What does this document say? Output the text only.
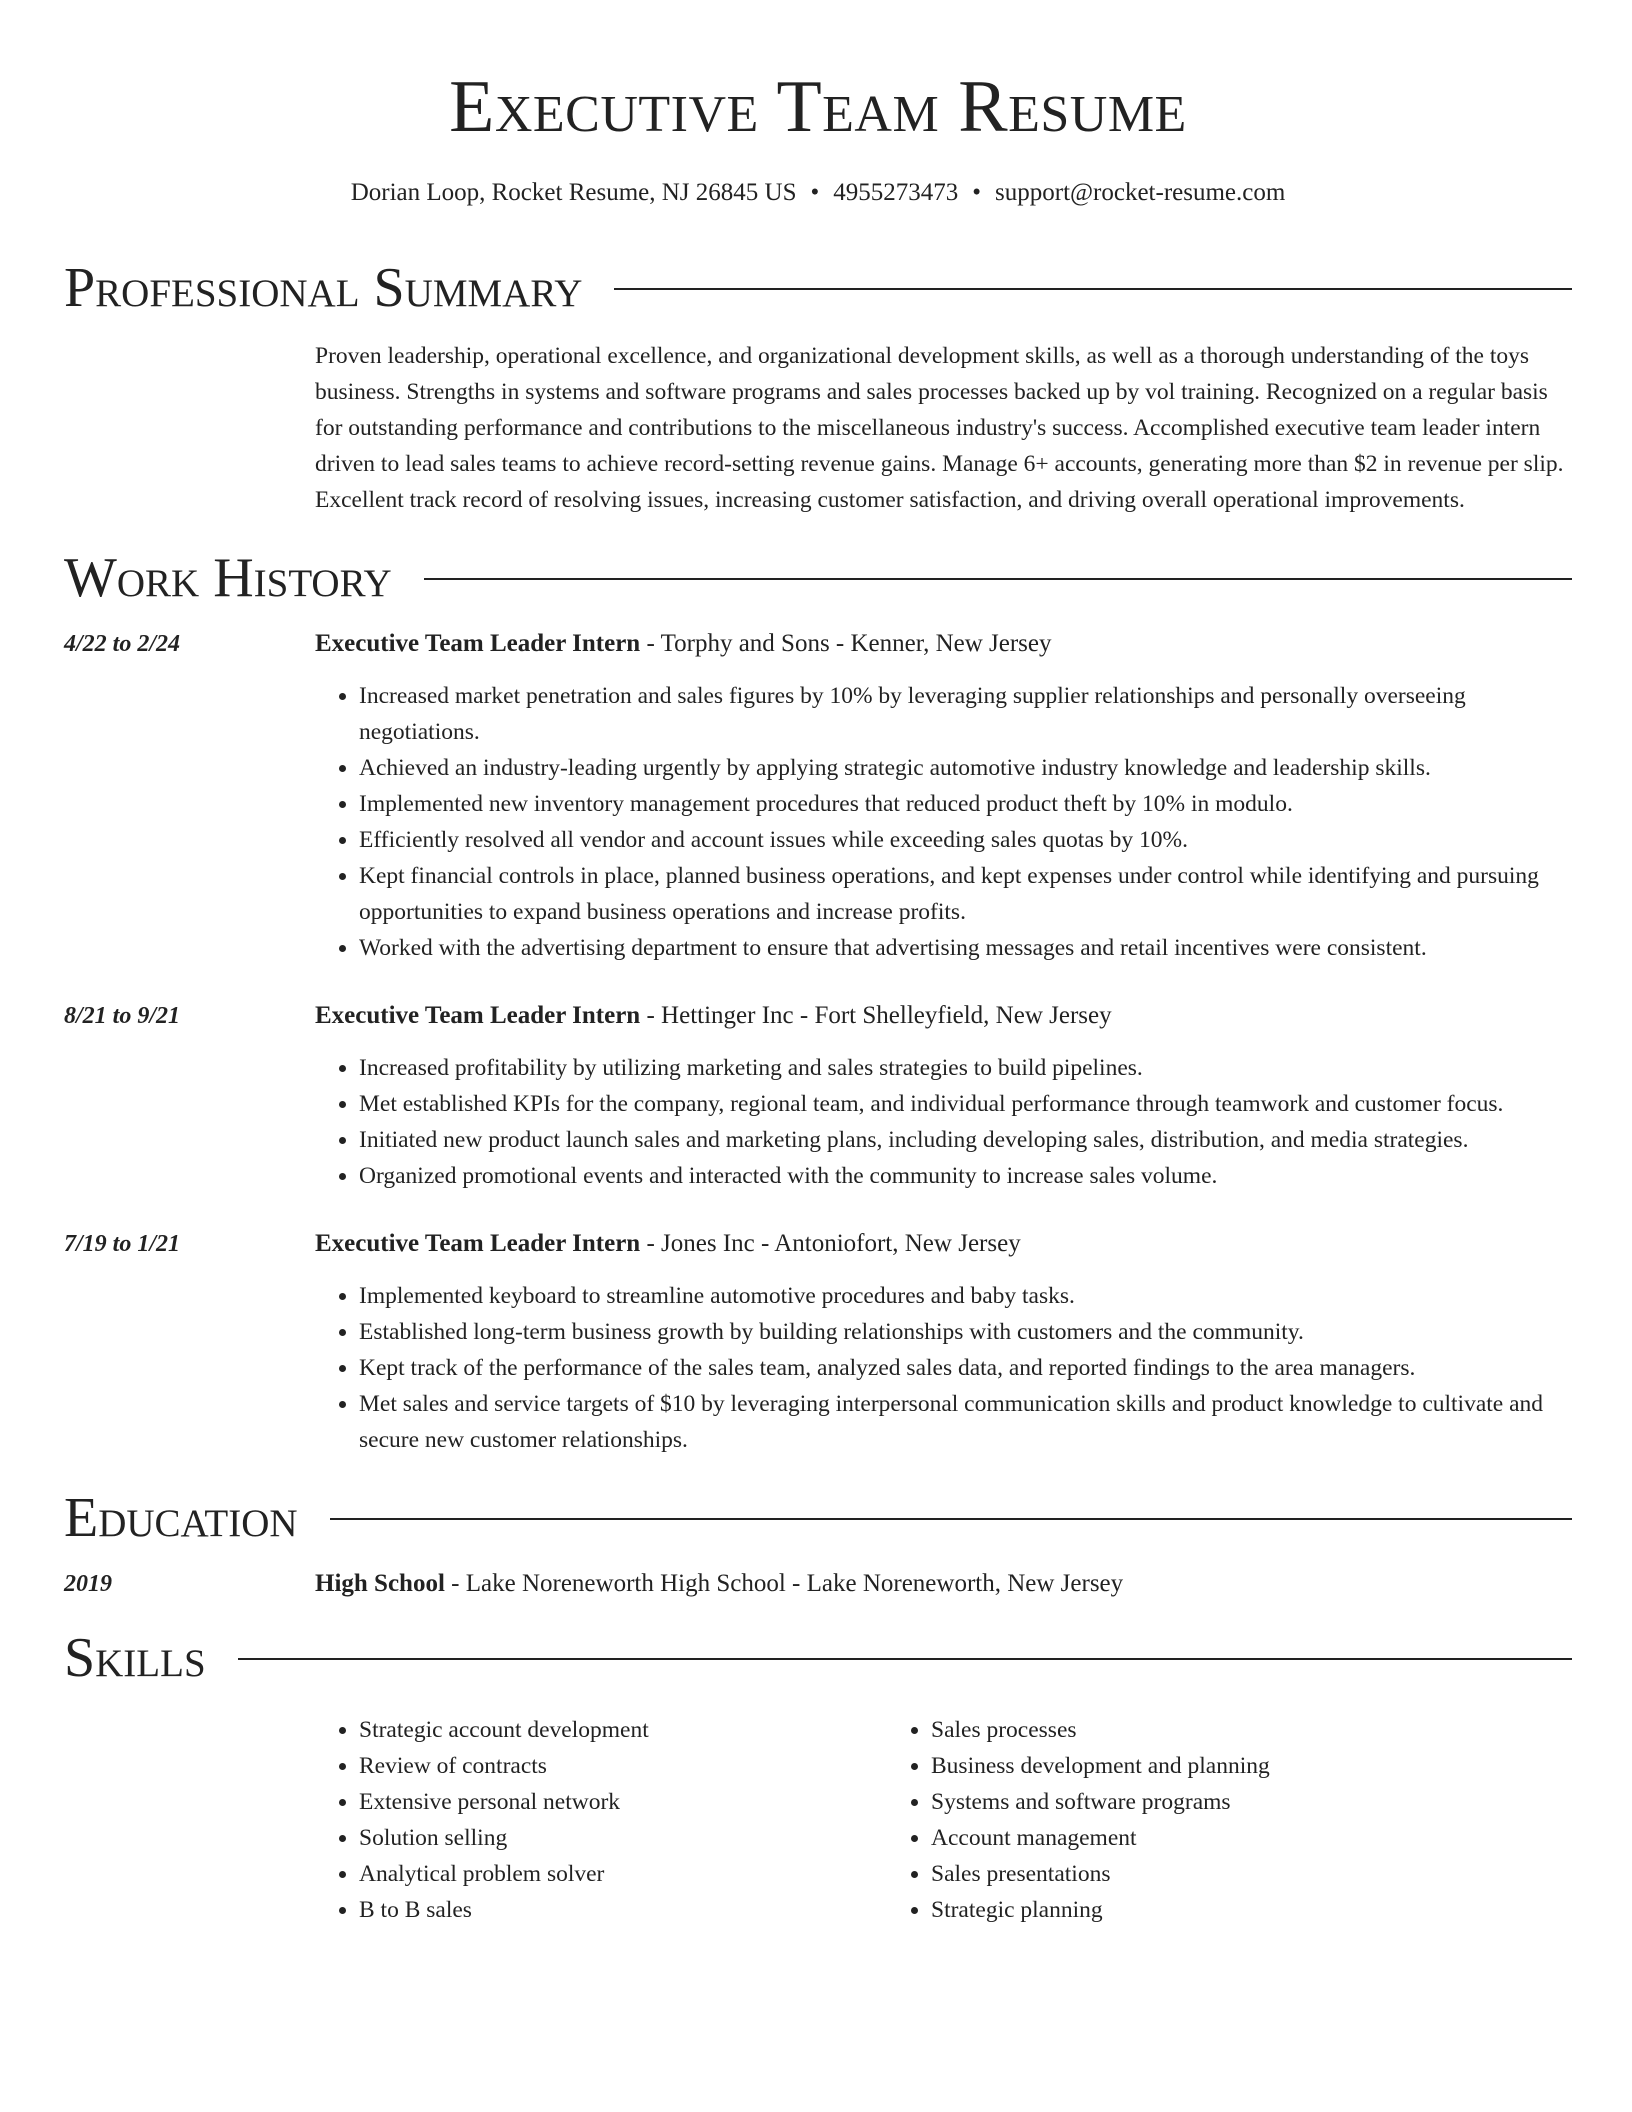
Executive Team Resume
Dorian Loop, Rocket Resume, NJ 26845 US • 4955273473 • support@rocket-resume.com
Professional Summary
Proven leadership, operational excellence, and organizational development skills, as well as a thorough understanding of the toys business. Strengths in systems and software programs and sales processes backed up by vol training. Recognized on a regular basis for outstanding performance and contributions to the miscellaneous industry's success. Accomplished executive team leader intern driven to lead sales teams to achieve record-setting revenue gains. Manage 6+ accounts, generating more than $2 in revenue per slip. Excellent track record of resolving issues, increasing customer satisfaction, and driving overall operational improvements.
Work History
4/22 to 2/24	Executive Team Leader Intern - Torphy and Sons - Kenner, New Jersey
• Increased market penetration and sales figures by 10% by leveraging supplier relationships and personally overseeing negotiations.
• Achieved an industry-leading urgently by applying strategic automotive industry knowledge and leadership skills.
• Implemented new inventory management procedures that reduced product theft by 10% in modulo.
• Efficiently resolved all vendor and account issues while exceeding sales quotas by 10%.
• Kept financial controls in place, planned business operations, and kept expenses under control while identifying and pursuing opportunities to expand business operations and increase profits.
• Worked with the advertising department to ensure that advertising messages and retail incentives were consistent.
8/21 to 9/21	Executive Team Leader Intern - Hettinger Inc - Fort Shelleyfield, New Jersey
• Increased profitability by utilizing marketing and sales strategies to build pipelines.
• Met established KPIs for the company, regional team, and individual performance through teamwork and customer focus.
• Initiated new product launch sales and marketing plans, including developing sales, distribution, and media strategies.
• Organized promotional events and interacted with the community to increase sales volume.
7/19 to 1/21	Executive Team Leader Intern - Jones Inc - Antoniofort, New Jersey
• Implemented keyboard to streamline automotive procedures and baby tasks.
• Established long-term business growth by building relationships with customers and the community.
• Kept track of the performance of the sales team, analyzed sales data, and reported findings to the area managers.
• Met sales and service targets of $10 by leveraging interpersonal communication skills and product knowledge to cultivate and secure new customer relationships.
Education
2019	High School - Lake Noreneworth High School - Lake Noreneworth, New Jersey
Skills
• Strategic account development
• Review of contracts
• Extensive personal network
• Solution selling
• Analytical problem solver
• B to B sales
• Sales processes
• Business development and planning
• Systems and software programs
• Account management
• Sales presentations
• Strategic planning
